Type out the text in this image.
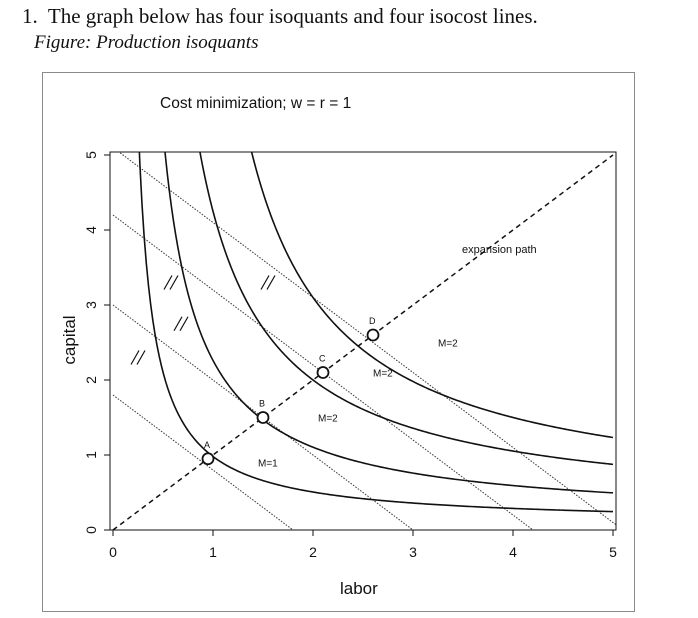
1. The graph below has four isoquants and four isocost lines.
Figure: Production isoquants
Cost minimization; w = r = 1
A
B
C
D
M=1
M=2
M=2
M=2
0	1	2	3	4	5
0
1
2
3
4
5
labor
capital
expansion path
